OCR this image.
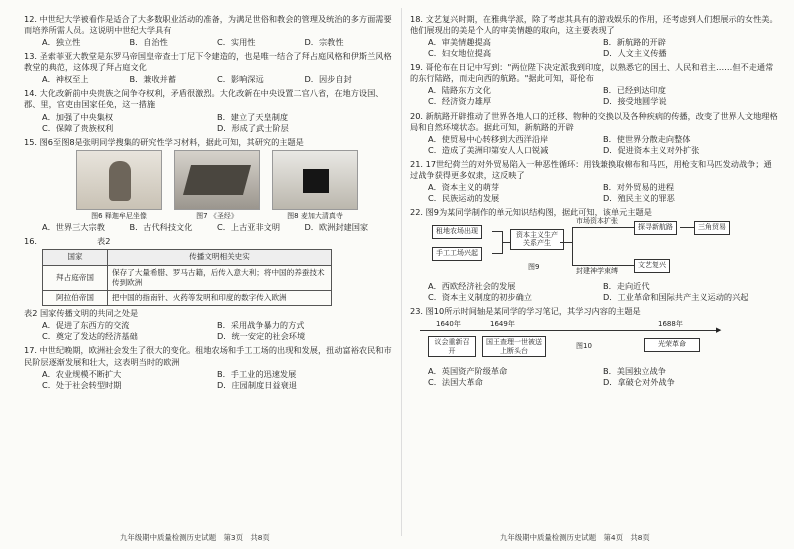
12. 中世纪大学被看作是适合了大多数职业活动的准备，为满足世俗和教会的管理及统治的多方面需要而培养所需人员。这说明中世纪大学具有

A．独立性	B．自治性	C．实用性	D．宗教性

13. 圣索菲亚大教堂是东罗马帝国皇帝查士丁尼下令建造的，也是唯一结合了拜占庭风格和伊斯兰风格教堂的典范，这体现了拜占庭文化

A．神权至上	B．兼收并蓄	C．影响深远	D．因步自封

14. 大化改新前中央贵族之间争夺权利，矛盾很激烈。大化改新在中央设置二官八省，在地方设国、郡、里，官吏由国家任免，这一措施

A．加强了中央集权	B．建立了天皇制度
C．保障了贵族权利	D．形成了武士阶层

15. 图6至图8是张明同学搜集的研究性学习材料，据此可知，其研究的主题是

图6 释迦牟尼坐像	图7 《圣经》	图8 麦加大清真寺
A．世界三大宗教	B．古代科技文化	C．上古亚非文明	D．欧洲封建国家

16.	表2

国家	传播文明相关史实
拜占庭帝国	保存了大量希腊、罗马古籍，后传入意大利；将中国的养蚕技术传到欧洲
阿拉伯帝国	把中国的指南针、火药等发明和印度的数字传入欧洲

表2 国家传播文明的共同之处是

A．促进了东西方的交流	B．采用战争暴力的方式
C．奠定了发达的经济基础	D．统一安定的社会环境

17. 中世纪晚期，欧洲社会发生了很大的变化。租地农场和手工工场的出现和发展，扭动富裕农民和市民阶层逐渐发展和壮大，这表明当时的欧洲

A．农业规模不断扩大	B．手工业的迅速发展
C．处于社会转型时期	D．庄园制度日益衰退

18. 文艺复兴时期，在雅典学派，除了考虑其具有的游戏娱乐的作用，还考虑到人们想展示的女性美。他们展现出的美是个人的审美情趣的取向，这主要表现了

A．审美情趣提高	B．新航路的开辟
C．妇女地位提高	D．人文主义传播

19. 哥伦布在日记中写到："两位陛下决定派我到印度，以熟悉它的国土、人民和君主……但不走通常的东行陆路，而走向西的航路。"据此可知，哥伦布

A．陆路东方文化	B．已经到达印度
C．经济资力雄厚	D．接受地圆学说

20. 新航路开辟推动了世界各地人口的迁移、物种的交换以及各种疾病的传播，改变了世界人文地理格局和自然环境状态。据此可知，新航路的开辟

A．使贸易中心转移到大西洋沿岸	B．使世界分散走向整体
C．造成了美洲印第安人人口锐减	D．促进资本主义对外扩张

21. 17世纪荷兰的对外贸易陷入一种恶性循环：用钱兼换取棉布和马匹，用枪支和马匹发动战争；通过战争获得更多奴隶，这反映了

A．资本主义的萌芽	B．对外贸易的进程
C．民族运动的发展	D．殖民主义的罪恶

22. 图9为某同学制作的单元知识结构图，据此可知，该单元主题是

租地农场出现
手工工场兴起
资本主义生产关系产生
市场资本扩张
封建神学束缚
探寻新航路	三角贸易
文艺复兴
图9
A．西欧经济社会的发展	B．走向近代
C．资本主义制度的初步确立	D．工业革命和国际共产主义运动的兴起

23. 图10所示时间轴是某同学的学习笔记，其学习内容的主题是

▶
1640年	1649年	1688年
议会重新召开
国王查理一世被送上断头台
图10	光荣革命
A．英国资产阶级革命	B．美国独立战争
C．法国大革命	D．拿破仑对外战争
九年级期中质量检测历史试题　第3页　共8页	九年级期中质量检测历史试题　第4页　共8页
